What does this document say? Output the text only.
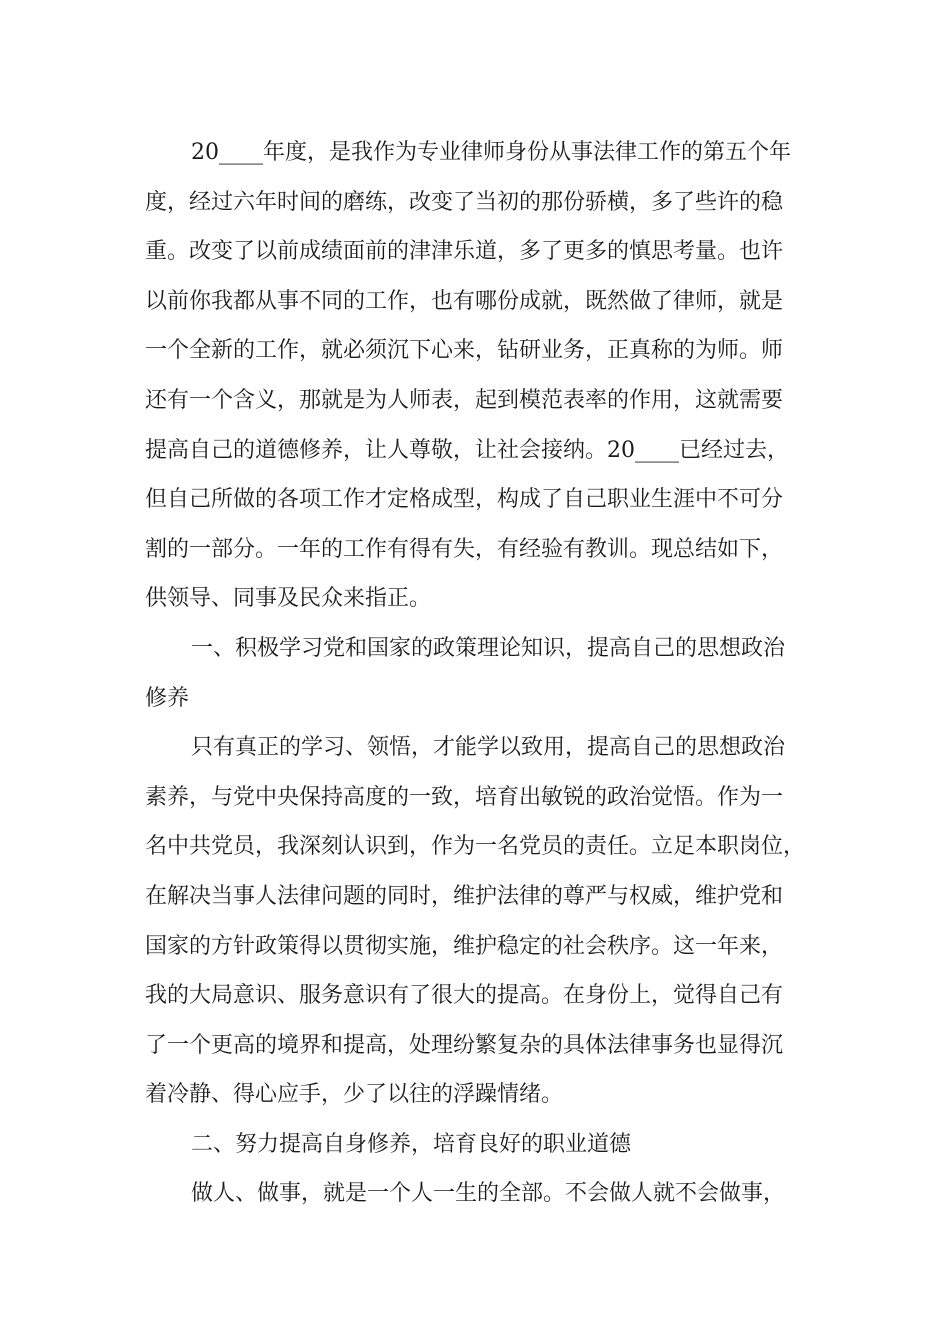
20____年度，是我作为专业律师身份从事法律工作的第五个年
度，经过六年时间的磨练，改变了当初的那份骄横，多了些许的稳
重。改变了以前成绩面前的津津乐道，多了更多的慎思考量。也许
以前你我都从事不同的工作，也有哪份成就，既然做了律师，就是
一个全新的工作，就必须沉下心来，钻研业务，正真称的为师。师
还有一个含义，那就是为人师表，起到模范表率的作用，这就需要
提高自己的道德修养，让人尊敬，让社会接纳。20____已经过去，
但自己所做的各项工作才定格成型，构成了自己职业生涯中不可分
割的一部分。一年的工作有得有失，有经验有教训。现总结如下，
供领导、同事及民众来指正。
一、积极学习党和国家的政策理论知识，提高自己的思想政治
修养
只有真正的学习、领悟，才能学以致用，提高自己的思想政治
素养，与党中央保持高度的一致，培育出敏锐的政治觉悟。作为一
名中共党员，我深刻认识到，作为一名党员的责任。立足本职岗位，
在解决当事人法律问题的同时，维护法律的尊严与权威，维护党和
国家的方针政策得以贯彻实施，维护稳定的社会秩序。这一年来，
我的大局意识、服务意识有了很大的提高。在身份上，觉得自己有
了一个更高的境界和提高，处理纷繁复杂的具体法律事务也显得沉
着冷静、得心应手，少了以往的浮躁情绪。
二、努力提高自身修养，培育良好的职业道德
做人、做事，就是一个人一生的全部。不会做人就不会做事，
